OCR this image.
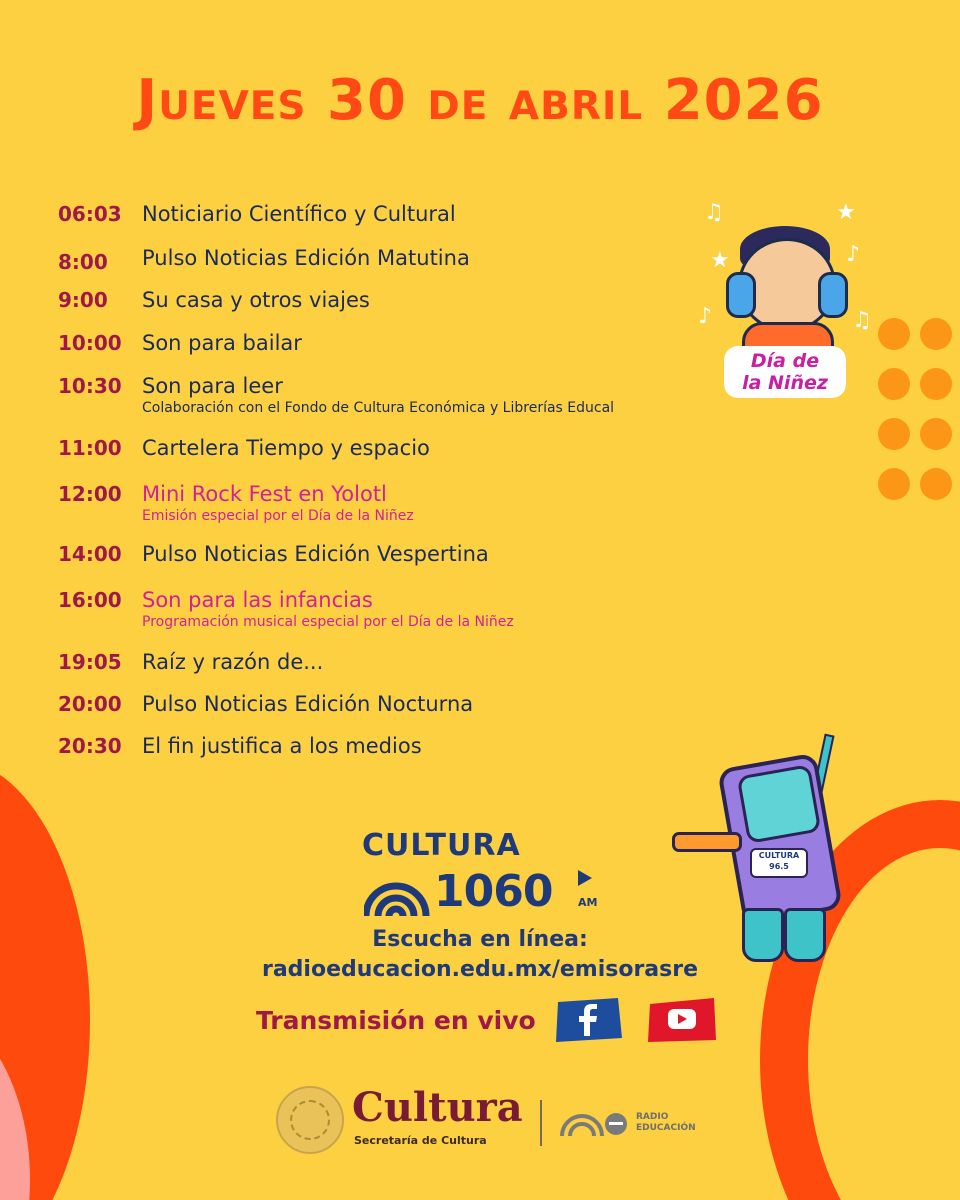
Jueves 30 de abril 2026
06:03 Noticiario Científico y Cultural
8:00	Pulso Noticias Edición Matutina
9:00	Su casa y otros viajes
10:00 Son para bailar
10:30 Son para leer
Colaboración con el Fondo de Cultura Económica y Librerías Educal
11:00 Cartelera Tiempo y espacio
12:00 Mini Rock Fest en Yolotl
Emisión especial por el Día de la Niñez
14:00 Pulso Noticias Edición Vespertina
16:00 Son para las infancias
Programación musical especial por el Día de la Niñez
19:05 Raíz y razón de...
20:00 Pulso Noticias Edición Nocturna
20:30 El fin justifica a los medios
♫	★
★	♪
♪	♫
Día de
la Niñez
CULTURA
96.5
CULTURA
1060 AM
Escucha en línea:
radioeducacion.edu.mx/emisorasre
Transmisión en vivo
Cultura
Secretaría de Cultura
RADIO
EDUCACIÓN
